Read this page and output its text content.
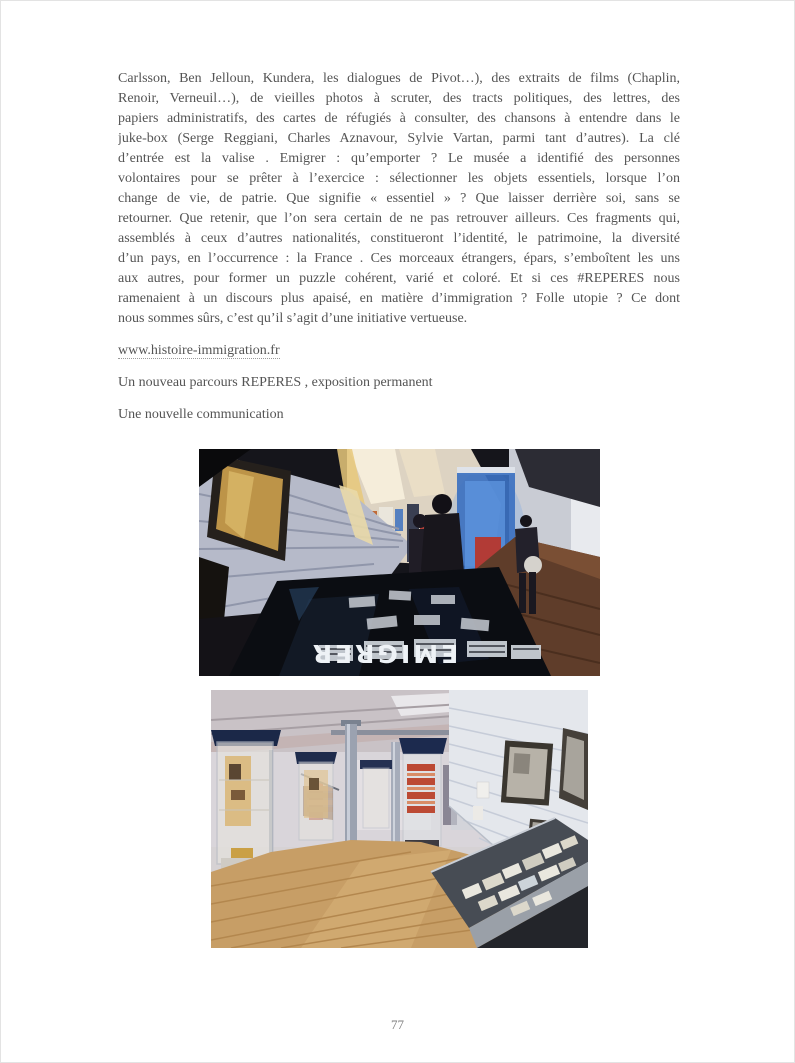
Carlsson, Ben Jelloun, Kundera, les dialogues de Pivot…), des extraits de films (Chaplin,
Renoir, Verneuil…), de vieilles photos à scruter, des tracts politiques, des lettres, des
papiers administratifs, des cartes de réfugiés à consulter, des chansons à entendre dans le
juke-box (Serge Reggiani, Charles Aznavour, Sylvie Vartan, parmi tant d’autres). La clé
d’entrée est la valise . Emigrer : qu’emporter ? Le musée a identifié des personnes
volontaires pour se prêter à l’exercice : sélectionner les objets essentiels, lorsque l’on
change de vie, de patrie. Que signifie « essentiel » ? Que laisser derrière soi, sans se
retourner. Que retenir, que l’on sera certain de ne pas retrouver ailleurs. Ces fragments qui,
assemblés à ceux d’autres nationalités, constitueront l’identité, le patrimoine, la diversité
d’un pays, en l’occurrence : la France . Ces morceaux étrangers, épars, s’emboîtent les uns
aux autres, pour former un puzzle cohérent, varié et coloré. Et si ces #REPERES nous
ramenaient à un discours plus apaisé, en matière d’immigration ? Folle utopie ? Ce dont
nous sommes sûrs, c’est qu’il s’agit d’une initiative vertueuse.
www.histoire-immigration.fr
Un nouveau parcours REPERES , exposition permanent
Une nouvelle communication
EMIGRER
77
